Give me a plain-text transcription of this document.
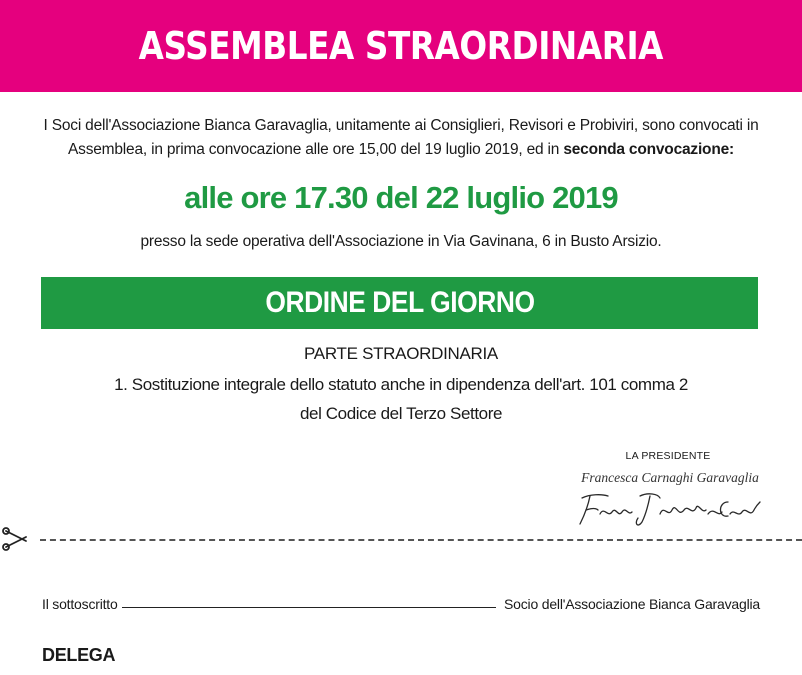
ASSEMBLEA STRAORDINARIA
I Soci dell'Associazione Bianca Garavaglia, unitamente ai Consiglieri, Revisori e Probiviri, sono convocati in Assemblea, in prima convocazione alle ore 15,00 del 19 luglio 2019, ed in seconda convocazione:
alle ore 17.30 del 22 luglio 2019
presso la sede operativa dell'Associazione in Via Gavinana, 6 in Busto Arsizio.
ORDINE DEL GIORNO
PARTE STRAORDINARIA
1. Sostituzione integrale dello statuto anche in dipendenza dell'art. 101 comma 2
del Codice del Terzo Settore
LA PRESIDENTE
Francesca Carnaghi Garavaglia
Il sottoscritto	Socio dell'Associazione Bianca Garavaglia
DELEGA
